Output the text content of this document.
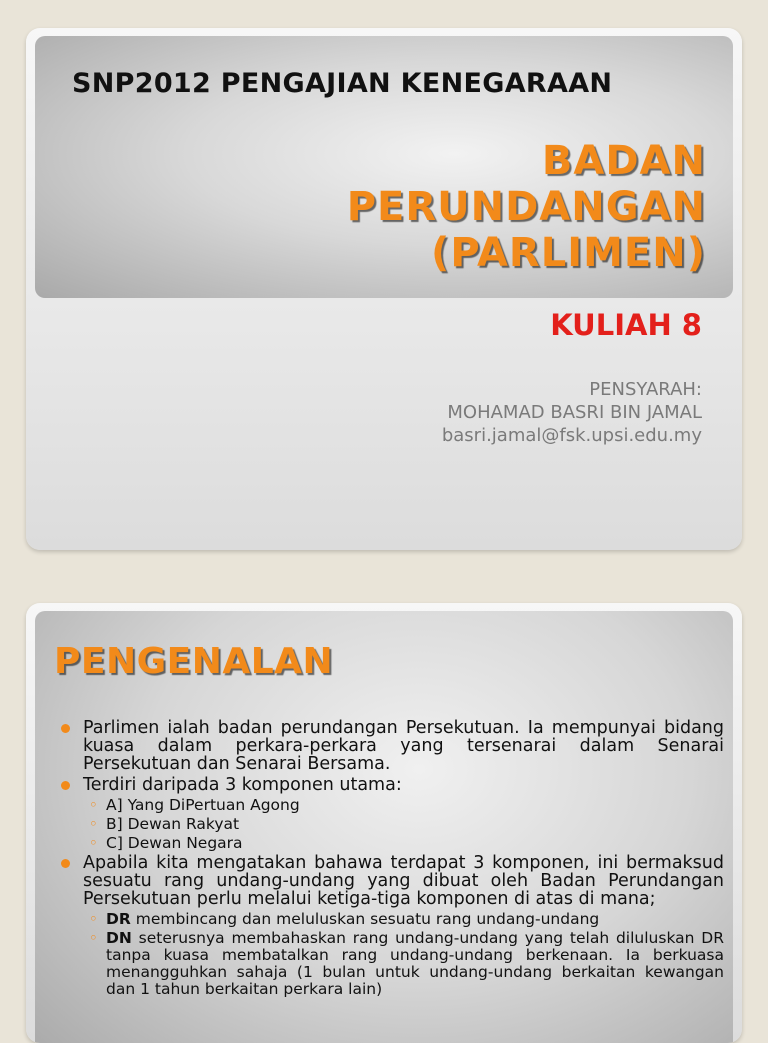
SNP2012 PENGAJIAN KENEGARAAN
BADAN
PERUNDANGAN
(PARLIMEN)
KULIAH 8
PENSYARAH:
MOHAMAD BASRI BIN JAMAL
basri.jamal@fsk.upsi.edu.my
PENGENALAN
Parlimen ialah badan perundangan Persekutuan. Ia mempunyai bidang kuasa dalam perkara-perkara yang tersenarai dalam Senarai Persekutuan dan Senarai Bersama.
Terdiri daripada 3 komponen utama:
◦ A] Yang DiPertuan Agong
◦ B] Dewan Rakyat
◦ C] Dewan Negara
Apabila kita mengatakan bahawa terdapat 3 komponen, ini bermaksud sesuatu rang undang-undang yang dibuat oleh Badan Perundangan Persekutuan perlu melalui ketiga-tiga komponen di atas di mana;
◦ DR membincang dan meluluskan sesuatu rang undang-undang
◦ DN seterusnya membahaskan rang undang-undang yang telah diluluskan DR tanpa kuasa membatalkan rang undang-undang berkenaan. Ia berkuasa menangguhkan sahaja (1 bulan untuk undang-undang berkaitan kewangan dan 1 tahun berkaitan perkara lain)
